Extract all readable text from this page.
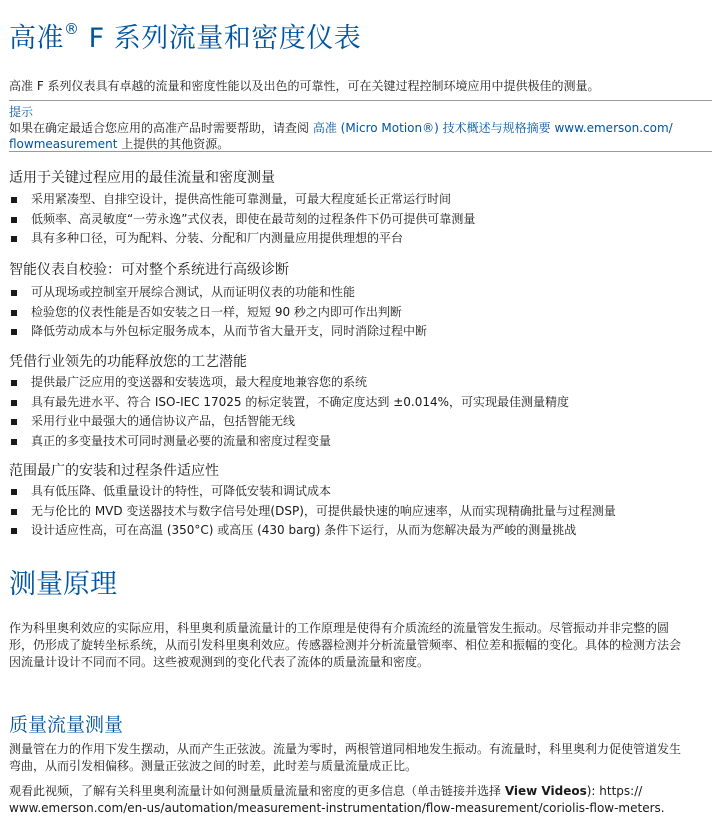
高准® F 系列流量和密度仪表
高准 F 系列仪表具有卓越的流量和密度性能以及出色的可靠性，可在关键过程控制环境应用中提供极佳的测量。
提示
如果在确定最适合您应用的高准产品时需要帮助，请查阅 高准 (Micro Motion®) 技术概述与规格摘要 www.emerson.com/
flowmeasurement 上提供的其他资源。
适用于关键过程应用的最佳流量和密度测量
采用紧凑型、自排空设计，提供高性能可靠测量，可最大程度延长正常运行时间
低频率、高灵敏度“一劳永逸”式仪表，即使在最苛刻的过程条件下仍可提供可靠测量
具有多种口径，可为配料、分装、分配和厂内测量应用提供理想的平台
智能仪表自校验：可对整个系统进行高级诊断
可从现场或控制室开展综合测试，从而证明仪表的功能和性能
检验您的仪表性能是否如安装之日一样，短短 90 秒之内即可作出判断
降低劳动成本与外包标定服务成本，从而节省大量开支，同时消除过程中断
凭借行业领先的功能释放您的工艺潜能
提供最广泛应用的变送器和安装选项，最大程度地兼容您的系统
具有最先进水平、符合 ISO-IEC 17025 的标定装置，不确定度达到 ±0.014%，可实现最佳测量精度
采用行业中最强大的通信协议产品，包括智能无线
真正的多变量技术可同时测量必要的流量和密度过程变量
范围最广的安装和过程条件适应性
具有低压降、低重量设计的特性，可降低安装和调试成本
无与伦比的 MVD 变送器技术与数字信号处理(DSP)，可提供最快速的响应速率，从而实现精确批量与过程测量
设计适应性高，可在高温 (350°C) 或高压 (430 barg) 条件下运行，从而为您解决最为严峻的测量挑战
测量原理
作为科里奥利效应的实际应用，科里奥利质量流量计的工作原理是使得有介质流经的流量管发生振动。尽管振动并非完整的圆
形，仍形成了旋转坐标系统，从而引发科里奥利效应。传感器检测并分析流量管频率、相位差和振幅的变化。具体的检测方法会
因流量计设计不同而不同。这些被观测到的变化代表了流体的质量流量和密度。
质量流量测量
测量管在力的作用下发生摆动，从而产生正弦波。流量为零时，两根管道同相地发生振动。有流量时，科里奥利力促使管道发生
弯曲，从而引发相偏移。测量正弦波之间的时差，此时差与质量流量成正比。
观看此视频，了解有关科里奥利流量计如何测量质量流量和密度的更多信息（单击链接并选择 View Videos): https://
www.emerson.com/en-us/automation/measurement-instrumentation/flow-measurement/coriolis-flow-meters.
